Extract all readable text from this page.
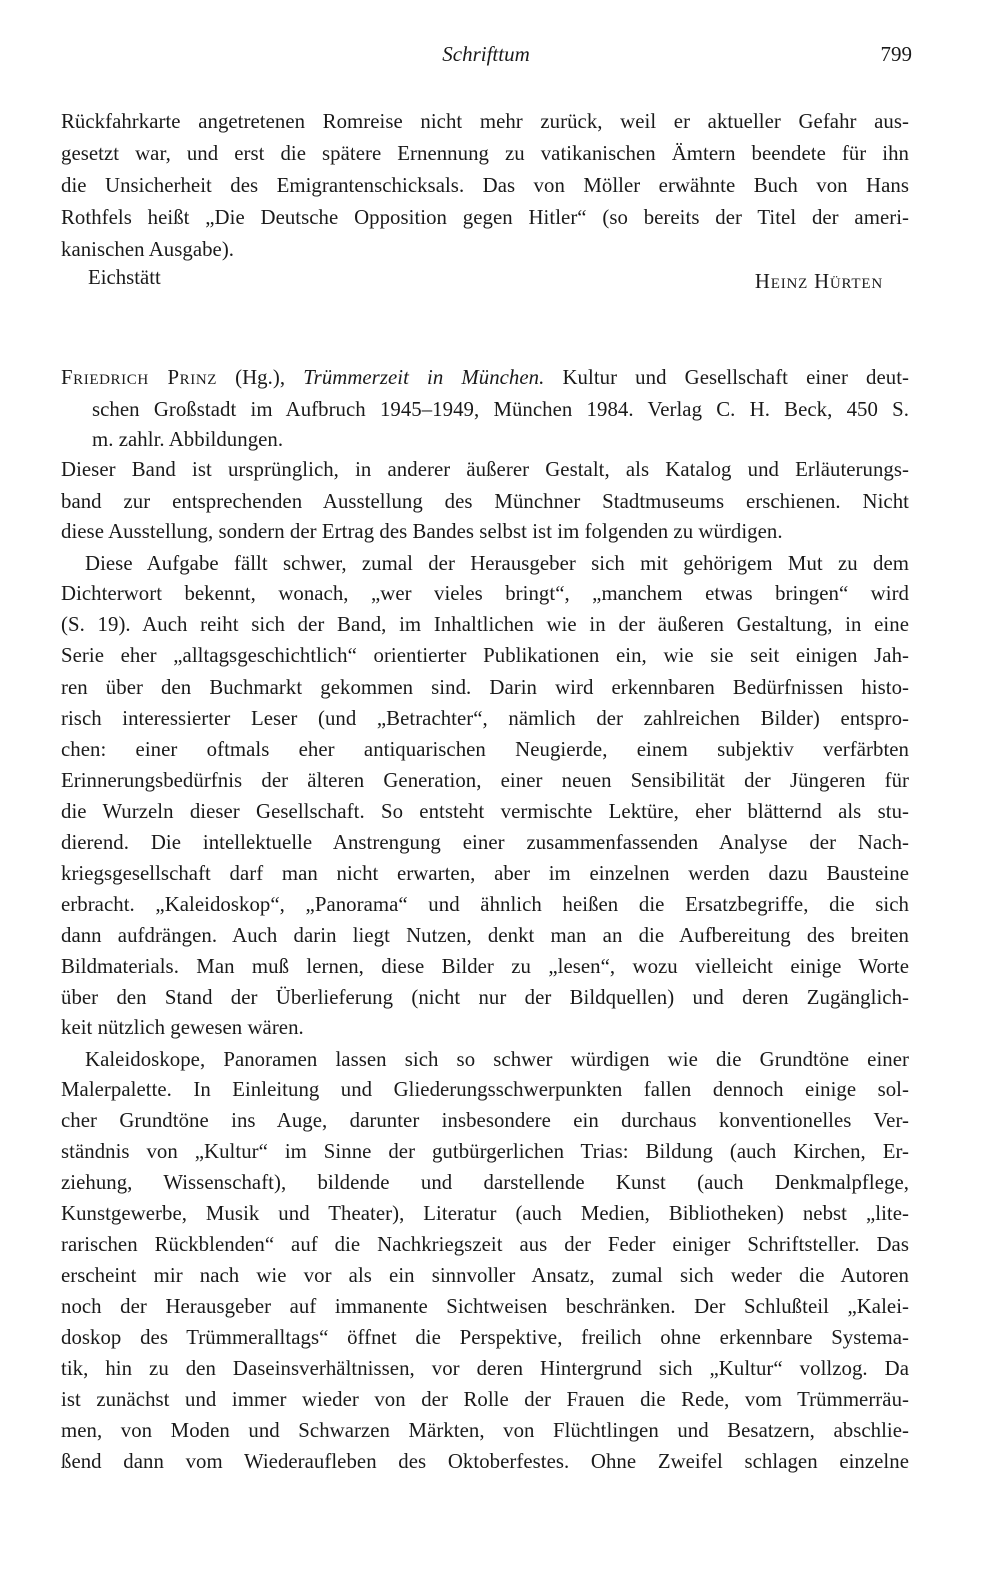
Schrifttum	799
Rückfahrkarte angetretenen Romreise nicht mehr zurück, weil er aktueller Gefahr aus-
gesetzt war, und erst die spätere Ernennung zu vatikanischen Ämtern beendete für ihn
die Unsicherheit des Emigrantenschicksals. Das von Möller erwähnte Buch von Hans
Rothfels heißt „Die Deutsche Opposition gegen Hitler“ (so bereits der Titel der ameri-
kanischen Ausgabe).
Eichstätt	Heinz Hürten
Friedrich Prinz (Hg.), Trümmerzeit in München. Kultur und Gesellschaft einer deut-
schen Großstadt im Aufbruch 1945–1949, München 1984. Verlag C. H. Beck, 450 S.
m. zahlr. Abbildungen.
Dieser Band ist ursprünglich, in anderer äußerer Gestalt, als Katalog und Erläuterungs-
band zur entsprechenden Ausstellung des Münchner Stadtmuseums erschienen. Nicht
diese Ausstellung, sondern der Ertrag des Bandes selbst ist im folgenden zu würdigen.
Diese Aufgabe fällt schwer, zumal der Herausgeber sich mit gehörigem Mut zu dem
Dichterwort bekennt, wonach, „wer vieles bringt“, „manchem etwas bringen“ wird
(S. 19). Auch reiht sich der Band, im Inhaltlichen wie in der äußeren Gestaltung, in eine
Serie eher „alltagsgeschichtlich“ orientierter Publikationen ein, wie sie seit einigen Jah-
ren über den Buchmarkt gekommen sind. Darin wird erkennbaren Bedürfnissen histo-
risch interessierter Leser (und „Betrachter“, nämlich der zahlreichen Bilder) entspro-
chen: einer oftmals eher antiquarischen Neugierde, einem subjektiv verfärbten
Erinnerungsbedürfnis der älteren Generation, einer neuen Sensibilität der Jüngeren für
die Wurzeln dieser Gesellschaft. So entsteht vermischte Lektüre, eher blätternd als stu-
dierend. Die intellektuelle Anstrengung einer zusammenfassenden Analyse der Nach-
kriegsgesellschaft darf man nicht erwarten, aber im einzelnen werden dazu Bausteine
erbracht. „Kaleidoskop“, „Panorama“ und ähnlich heißen die Ersatzbegriffe, die sich
dann aufdrängen. Auch darin liegt Nutzen, denkt man an die Aufbereitung des breiten
Bildmaterials. Man muß lernen, diese Bilder zu „lesen“, wozu vielleicht einige Worte
über den Stand der Überlieferung (nicht nur der Bildquellen) und deren Zugänglich-
keit nützlich gewesen wären.
Kaleidoskope, Panoramen lassen sich so schwer würdigen wie die Grundtöne einer
Malerpalette. In Einleitung und Gliederungsschwerpunkten fallen dennoch einige sol-
cher Grundtöne ins Auge, darunter insbesondere ein durchaus konventionelles Ver-
ständnis von „Kultur“ im Sinne der gutbürgerlichen Trias: Bildung (auch Kirchen, Er-
ziehung, Wissenschaft), bildende und darstellende Kunst (auch Denkmalpflege,
Kunstgewerbe, Musik und Theater), Literatur (auch Medien, Bibliotheken) nebst „lite-
rarischen Rückblenden“ auf die Nachkriegszeit aus der Feder einiger Schriftsteller. Das
erscheint mir nach wie vor als ein sinnvoller Ansatz, zumal sich weder die Autoren
noch der Herausgeber auf immanente Sichtweisen beschränken. Der Schlußteil „Kalei-
doskop des Trümmeralltags“ öffnet die Perspektive, freilich ohne erkennbare Systema-
tik, hin zu den Daseinsverhältnissen, vor deren Hintergrund sich „Kultur“ vollzog. Da
ist zunächst und immer wieder von der Rolle der Frauen die Rede, vom Trümmerräu-
men, von Moden und Schwarzen Märkten, von Flüchtlingen und Besatzern, abschlie-
ßend dann vom Wiederaufleben des Oktoberfestes. Ohne Zweifel schlagen einzelne
